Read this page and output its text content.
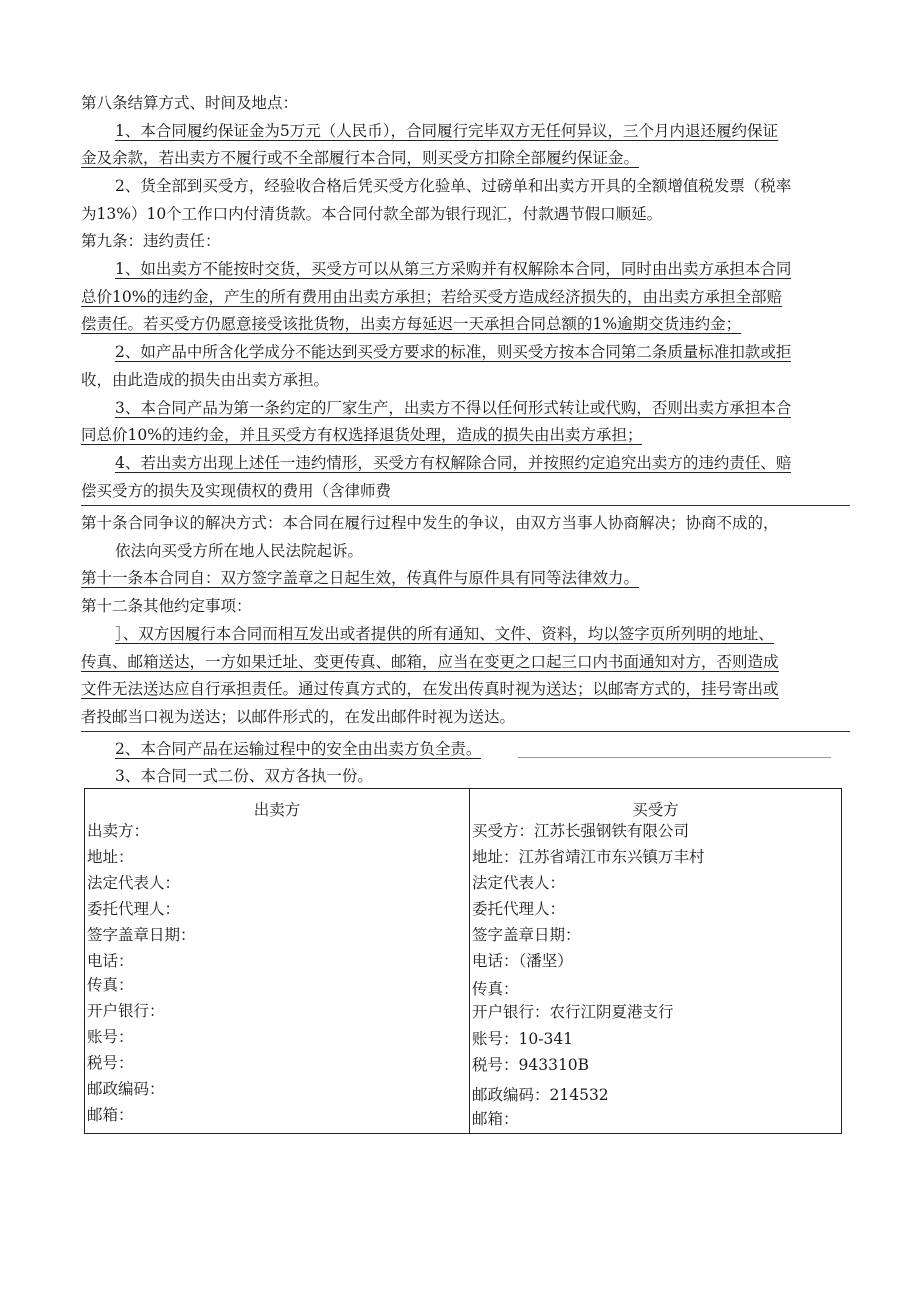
第八条结算方式、时间及地点：
1、本合同履约保证金为5万元（人民币），合同履行完毕双方无任何异议，三个月内退还履约保证
金及余款，若出卖方不履行或不全部履行本合同，则买受方扣除全部履约保证金。
2、货全部到买受方，经验收合格后凭买受方化验单、过磅单和出卖方开具的全额增值税发票（税率
为13%）10个工作口内付清货款。本合同付款全部为银行现汇，付款遇节假口顺延。
第九条：违约责任：
1、如出卖方不能按时交货，买受方可以从第三方采购并有权解除本合同，同时由出卖方承担本合同
总价10%的违约金，产生的所有费用由出卖方承担；若给买受方造成经济损失的，由出卖方承担全部赔
偿责任。若买受方仍愿意接受该批货物，出卖方每延迟一天承担合同总额的1%逾期交货违约金；
2、如产品中所含化学成分不能达到买受方要求的标准，则买受方按本合同第二条质量标准扣款或拒
收，由此造成的损失由出卖方承担。
3、本合同产品为第一条约定的厂家生产，出卖方不得以任何形式转让或代购，否则出卖方承担本合
同总价10%的违约金，并且买受方有权选择退货处理，造成的损失由出卖方承担；
4、若出卖方出现上述任一违约情形，买受方有权解除合同，并按照约定追究出卖方的违约责任、赔
偿买受方的损失及实现债权的费用（含律师费
第十条合同争议的解决方式：本合同在履行过程中发生的争议，由双方当事人协商解决；协商不成的，
依法向买受方所在地人民法院起诉。
第十一条本合同自：双方签字盖章之日起生效，传真件与原件具有同等法律效力。
第十二条其他约定事项：
］、双方因履行本合同而相互发出或者提供的所有通知、文件、资料，均以签字页所列明的地址、
传真、邮箱送达，一方如果迁址、变更传真、邮箱，应当在变更之口起三口内书面通知对方，否则造成
文件无法送达应自行承担责任。通过传真方式的，在发出传真时视为送达；以邮寄方式的，挂号寄出或
者投邮当口视为送达；以邮件形式的，在发出邮件时视为送达。
2、本合同产品在运输过程中的安全由出卖方负全责。
3、本合同一式二份、双方各执一份。
出卖方
出卖方：
地址：
法定代表人：
委托代理人：
签字盖章日期：
电话：
传真：
开户银行：
账号：
税号：
邮政编码：
邮箱：
买受方
买受方：江苏长强钢铁有限公司
地址：江苏省靖江市东兴镇万丰村
法定代表人：
委托代理人：
签字盖章日期：
电话：（潘坚）
传真：
开户银行：农行江阴夏港支行
账号：10-341
税号：943310B
邮政编码：214532
邮箱：
